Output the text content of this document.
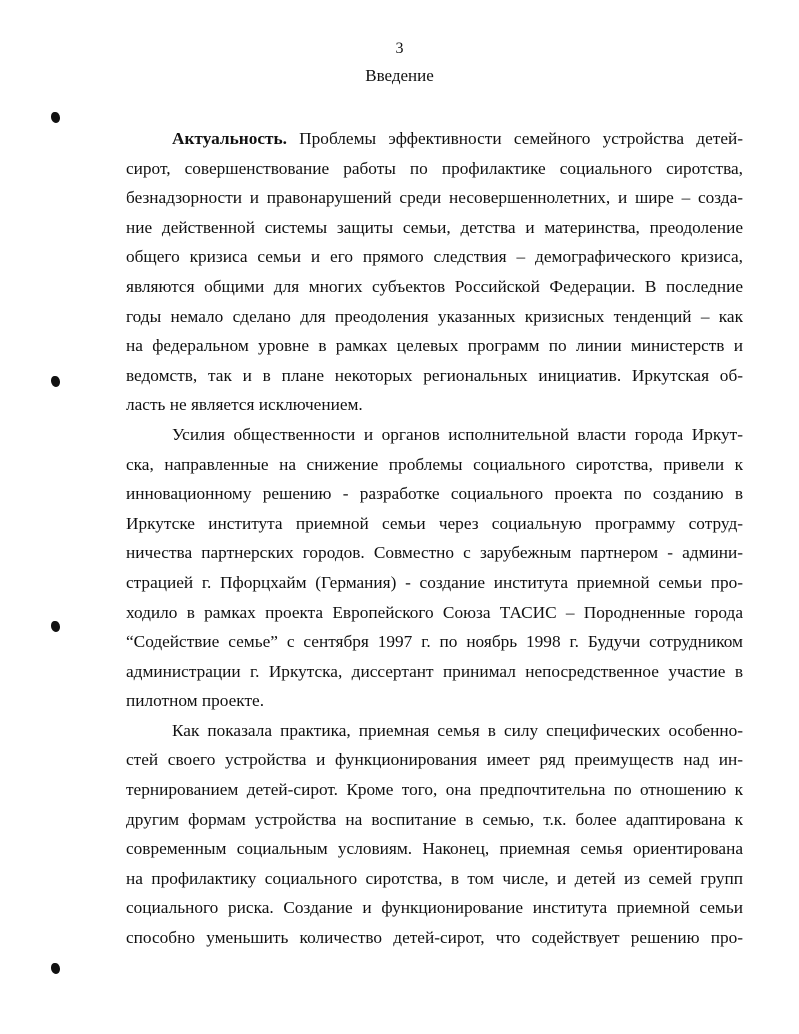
3
Введение
Актуальность. Проблемы эффективности семейного устройства детей-
сирот, совершенствование работы по профилактике социального сиротства,
безнадзорности и правонарушений среди несовершеннолетних, и шире – созда-
ние действенной системы защиты семьи, детства и материнства, преодоление
общего кризиса семьи и его прямого следствия – демографического кризиса,
являются общими для многих субъектов Российской Федерации. В последние
годы немало сделано для преодоления указанных кризисных тенденций – как
на федеральном уровне в рамках целевых программ по линии министерств и
ведомств, так и в плане некоторых региональных инициатив. Иркутская об-
ласть не является исключением.
Усилия общественности и органов исполнительной власти города Иркут-
ска, направленные на снижение проблемы социального сиротства, привели к
инновационному решению - разработке социального проекта по созданию в
Иркутске института приемной семьи через социальную программу сотруд-
ничества партнерских городов. Совместно с зарубежным партнером - админи-
страцией г. Пфорцхайм (Германия) - создание института приемной семьи про-
ходило в рамках проекта Европейского Союза ТАСИС – Породненные города
“Содействие семье” с сентября 1997 г. по ноябрь 1998 г. Будучи сотрудником
администрации г. Иркутска, диссертант принимал непосредственное участие в
пилотном проекте.
Как показала практика, приемная семья в силу специфических особенно-
стей своего устройства и функционирования имеет ряд преимуществ над ин-
тернированием детей-сирот. Кроме того, она предпочтительна по отношению к
другим формам устройства на воспитание в семью, т.к. более адаптирована к
современным социальным условиям. Наконец, приемная семья ориентирована
на профилактику социального сиротства, в том числе, и детей из семей групп
социального риска. Создание и функционирование института приемной семьи
способно уменьшить количество детей-сирот, что содействует решению про-
